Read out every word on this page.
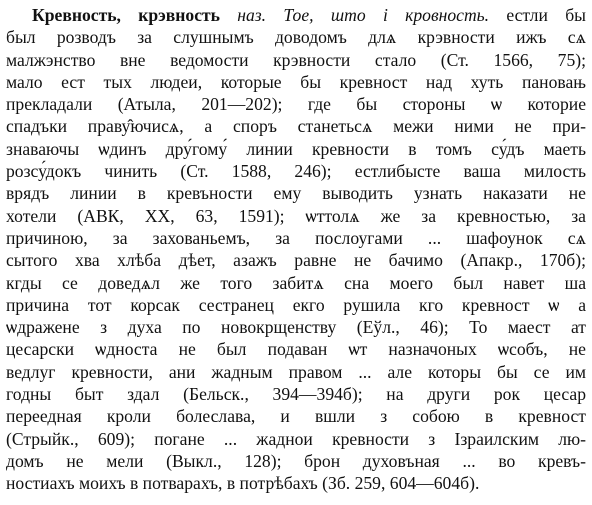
Кревность, крэвность наз. Тое, што і кровность. естли бы
был розводъ за слушнымъ доводомъ длѧ крэвности ижъ сѧ
малжэнство вне ведомости крэвности стало (Ст. 1566, 75);
мало ест тых людеи, которые бы кревност над хуть пановањ
прекладали (Атыла, 201—202); где бы стороны ѡ которие
спадъки праву̂ючисѧ, а споръ станетьсѧ межи ними не при-
знаваючы ѡдинъ дру́гому́ линии кревности в томъ су́дъ маеть
розсу́докъ чинить (Ст. 1588, 246); естлибысте ваша милость
врядъ линии в кревъности ему выводить узнать наказати не
хотели (АВК, XX, 63, 1591); ѡттолѧ же за кревностью, за
причиною, за захованьемъ, за послоугами ... шафоунок сѧ
сытого хва хлѣба дѣет, азажъ равне не бачимо (Апакр., 170б);
кгды се доведѧл же того забитѧ сна моего был навет ша
причина тот корсак сестранец екго рушила кго кревност ѡ а
ѡдражене з духа по новокрщенству (Еўл., 46); То маест ат
цесарски ѡдноста не был подаван ѡт назначоных ѡсобъ, не
ведлуг кревности, ани жадным правом ... але которы бы се им
годны быт здал (Бельск., 394—394б); на други рок цесар
переедная кроли болеслава, и вшли з собою в кревност
(Стрыйк., 609); погане ... жаднои кревности з Ізраилским лю-
домъ не мели (Выкл., 128); брон духовъная ... во кревъ-
ностиахъ моихъ в потварахъ, в потрѣбахъ (Зб. 259, 604—604б).
